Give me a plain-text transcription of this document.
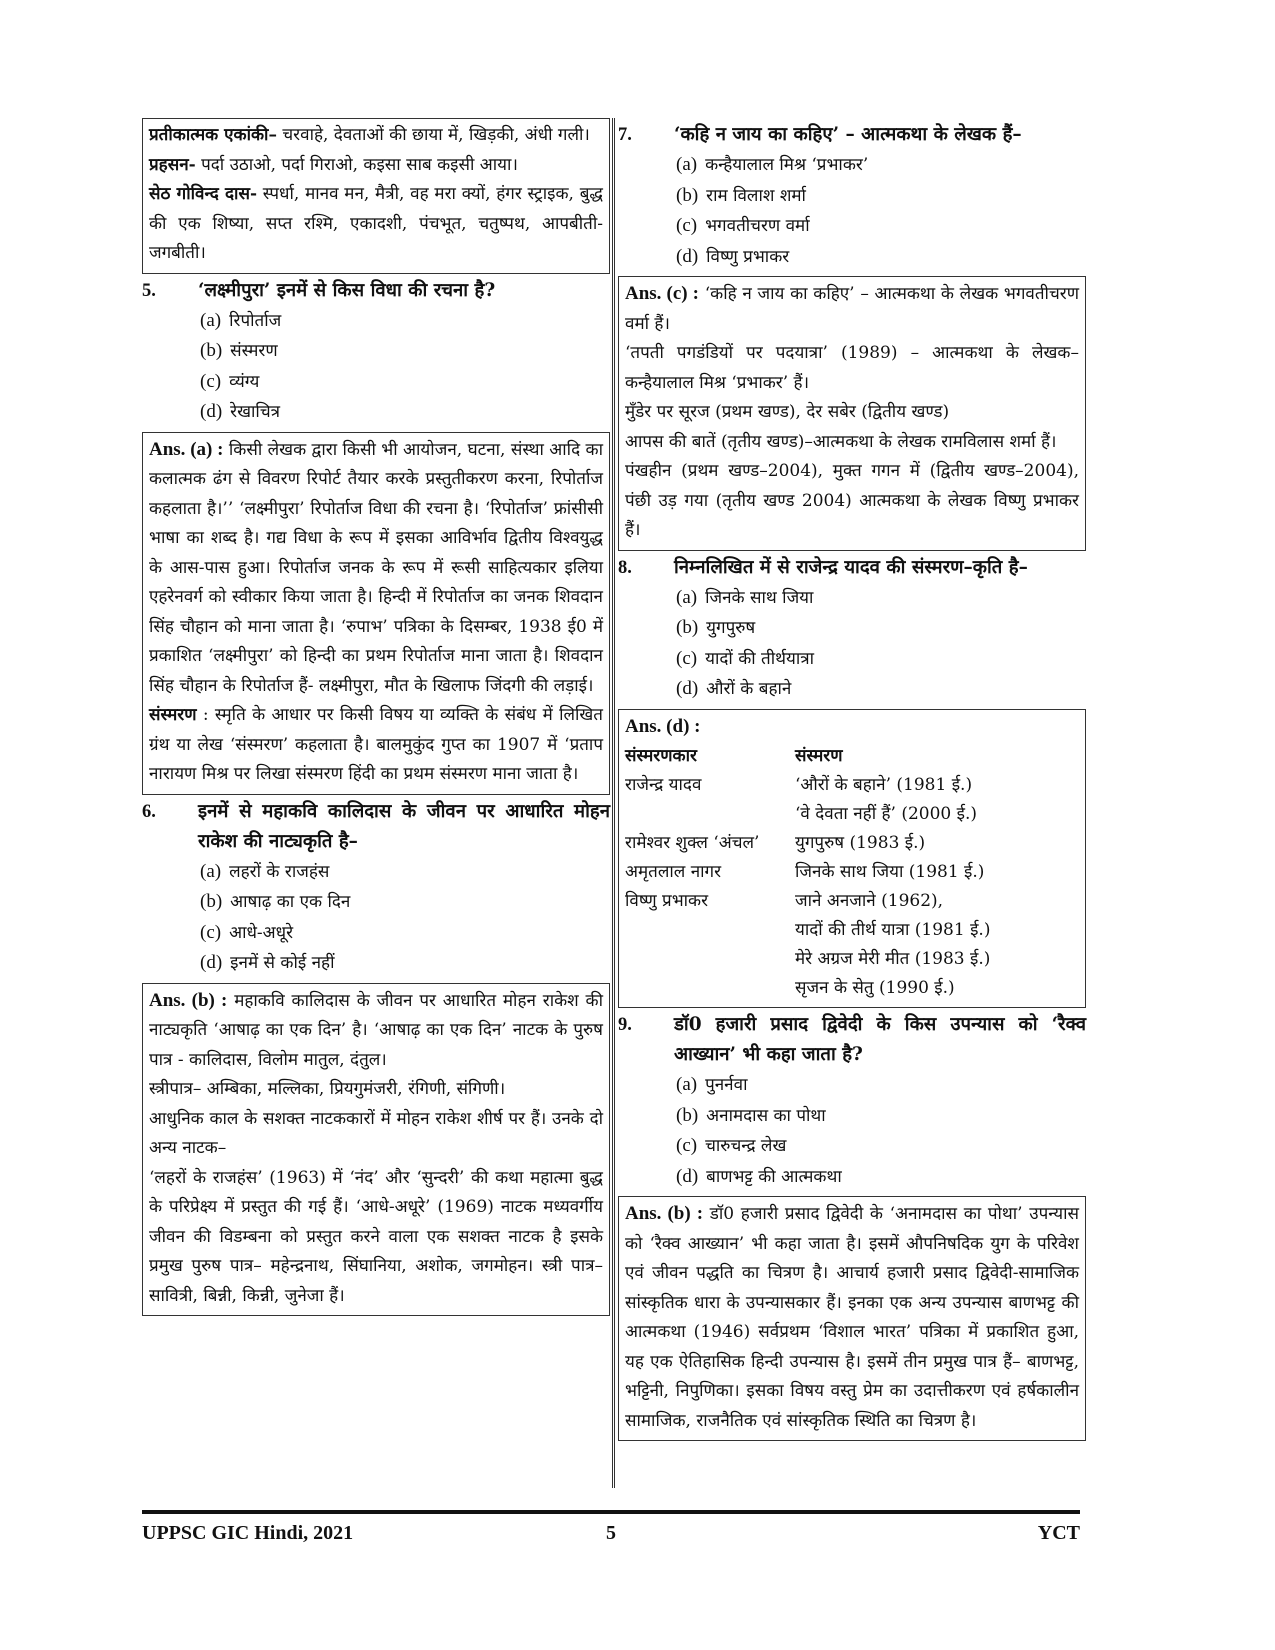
प्रतीकात्मक एकांकी– चरवाहे, देवताओं की छाया में, खिड़की, अंधी गली।

प्रहसन- पर्दा उठाओ, पर्दा गिराओ, कइसा साब कइसी आया।

सेठ गोविन्द दास- स्पर्धा, मानव मन, मैत्री, वह मरा क्यों, हंगर स्ट्राइक, बुद्ध की एक शिष्या, सप्त रश्मि, एकादशी, पंचभूत, चतुष्पथ, आपबीती-जगबीती।

5.	‘लक्ष्मीपुरा’ इनमें से किस विधा की रचना है?
(a) रिपोर्ताज
(b) संस्मरण
(c) व्यंग्य
(d) रेखाचित्र

Ans. (a) : किसी लेखक द्वारा किसी भी आयोजन, घटना, संस्था आदि का कलात्मक ढंग से विवरण रिपोर्ट तैयार करके प्रस्तुतीकरण करना, रिपोर्ताज कहलाता है।’’ ‘लक्ष्मीपुरा’ रिपोर्ताज विधा की रचना है। ‘रिपोर्ताज’ फ्रांसीसी भाषा का शब्द है। गद्य विधा के रूप में इसका आविर्भाव द्वितीय विश्वयुद्ध के आस-पास हुआ। रिपोर्ताज जनक के रूप में रूसी साहित्यकार इलिया एहरेनवर्ग को स्वीकार किया जाता है। हिन्दी में रिपोर्ताज का जनक शिवदान सिंह चौहान को माना जाता है। ‘रुपाभ’ पत्रिका के दिसम्बर, 1938 ई0 में प्रकाशित ‘लक्ष्मीपुरा’ को हिन्दी का प्रथम रिपोर्ताज माना जाता है। शिवदान सिंह चौहान के रिपोर्ताज हैं- लक्ष्मीपुरा, मौत के खिलाफ जिंदगी की लड़ाई।

संस्मरण : स्मृति के आधार पर किसी विषय या व्यक्ति के संबंध में लिखित ग्रंथ या लेख ‘संस्मरण’ कहलाता है। बालमुकुंद गुप्त का 1907 में ‘प्रताप नारायण मिश्र पर लिखा संस्मरण हिंदी का प्रथम संस्मरण माना जाता है।

6.	इनमें से महाकवि कालिदास के जीवन पर आधारित मोहन राकेश की नाट्यकृति है–
(a) लहरों के राजहंस
(b) आषाढ़ का एक दिन
(c) आधे-अधूरे
(d) इनमें से कोई नहीं

Ans. (b) : महाकवि कालिदास के जीवन पर आधारित मोहन राकेश की नाट्यकृति ‘आषाढ़ का एक दिन’ है। ‘आषाढ़ का एक दिन’ नाटक के पुरुष पात्र - कालिदास, विलोम मातुल, दंतुल।

स्त्रीपात्र– अम्बिका, मल्लिका, प्रियगुमंजरी, रंगिणी, संगिणी।

आधुनिक काल के सशक्त नाटककारों में मोहन राकेश शीर्ष पर हैं। उनके दो अन्य नाटक–

‘लहरों के राजहंस’ (1963) में ‘नंद’ और ‘सुन्दरी’ की कथा महात्मा बुद्ध के परिप्रेक्ष्य में प्रस्तुत की गई हैं। ‘आधे-अधूरे’ (1969) नाटक मध्यवर्गीय जीवन की विडम्बना को प्रस्तुत करने वाला एक सशक्त नाटक है इसके प्रमुख पुरुष पात्र– महेन्द्रनाथ, सिंघानिया, अशोक, जगमोहन। स्त्री पात्र– सावित्री, बिन्नी, किन्नी, जुनेजा हैं।

7.	‘कहि न जाय का कहिए’ – आत्मकथा के लेखक हैं–
(a) कन्हैयालाल मिश्र ‘प्रभाकर’
(b) राम विलाश शर्मा
(c) भगवतीचरण वर्मा
(d) विष्णु प्रभाकर

Ans. (c) : ‘कहि न जाय का कहिए’ – आत्मकथा के लेखक भगवतीचरण वर्मा हैं।

‘तपती पगडंडियों पर पदयात्रा’ (1989) – आत्मकथा के लेखक– कन्हैयालाल मिश्र ‘प्रभाकर’ हैं।

मुँडेर पर सूरज (प्रथम खण्ड), देर सबेर (द्वितीय खण्ड)

आपस की बातें (तृतीय खण्ड)–आत्मकथा के लेखक रामविलास शर्मा हैं।

पंखहीन (प्रथम खण्ड–2004), मुक्त गगन में (द्वितीय खण्ड–2004), पंछी उड़ गया (तृतीय खण्ड 2004) आत्मकथा के लेखक विष्णु प्रभाकर हैं।

8.	निम्नलिखित में से राजेन्द्र यादव की संस्मरण–कृति है–
(a) जिनके साथ जिया
(b) युगपुरुष
(c) यादों की तीर्थयात्रा
(d) औरों के बहाने

Ans. (d) :

संस्मरणकार	संस्मरण
राजेन्द्र यादव	‘औरों के बहाने’ (1981 ई.)
‘वे देवता नहीं हैं’ (2000 ई.)
रामेश्वर शुक्ल ‘अंचल’	युगपुरुष (1983 ई.)
अमृतलाल नागर	जिनके साथ जिया (1981 ई.)
विष्णु प्रभाकर	जाने अनजाने (1962),
यादों की तीर्थ यात्रा (1981 ई.)
मेरे अग्रज मेरी मीत (1983 ई.)
सृजन के सेतु (1990 ई.)
9.	डॉ0 हजारी प्रसाद द्विवेदी के किस उपन्यास को ‘रैक्व आख्यान’ भी कहा जाता है?
(a) पुनर्नवा
(b) अनामदास का पोथा
(c) चारुचन्द्र लेख
(d) बाणभट्ट की आत्मकथा

Ans. (b) : डॉ0 हजारी प्रसाद द्विवेदी के ‘अनामदास का पोथा’ उपन्यास को ‘रैक्व आख्यान’ भी कहा जाता है। इसमें औपनिषदिक युग के परिवेश एवं जीवन पद्धति का चित्रण है। आचार्य हजारी प्रसाद द्विवेदी-सामाजिक सांस्कृतिक धारा के उपन्यासकार हैं। इनका एक अन्य उपन्यास बाणभट्ट की आत्मकथा (1946) सर्वप्रथम ‘विशाल भारत’ पत्रिका में प्रकाशित हुआ, यह एक ऐतिहासिक हिन्दी उपन्यास है। इसमें तीन प्रमुख पात्र हैं– बाणभट्ट, भट्टिनी, निपुणिका। इसका विषय वस्तु प्रेम का उदात्तीकरण एवं हर्षकालीन सामाजिक, राजनैतिक एवं सांस्कृतिक स्थिति का चित्रण है।

UPPSC GIC Hindi, 2021	5	YCT
